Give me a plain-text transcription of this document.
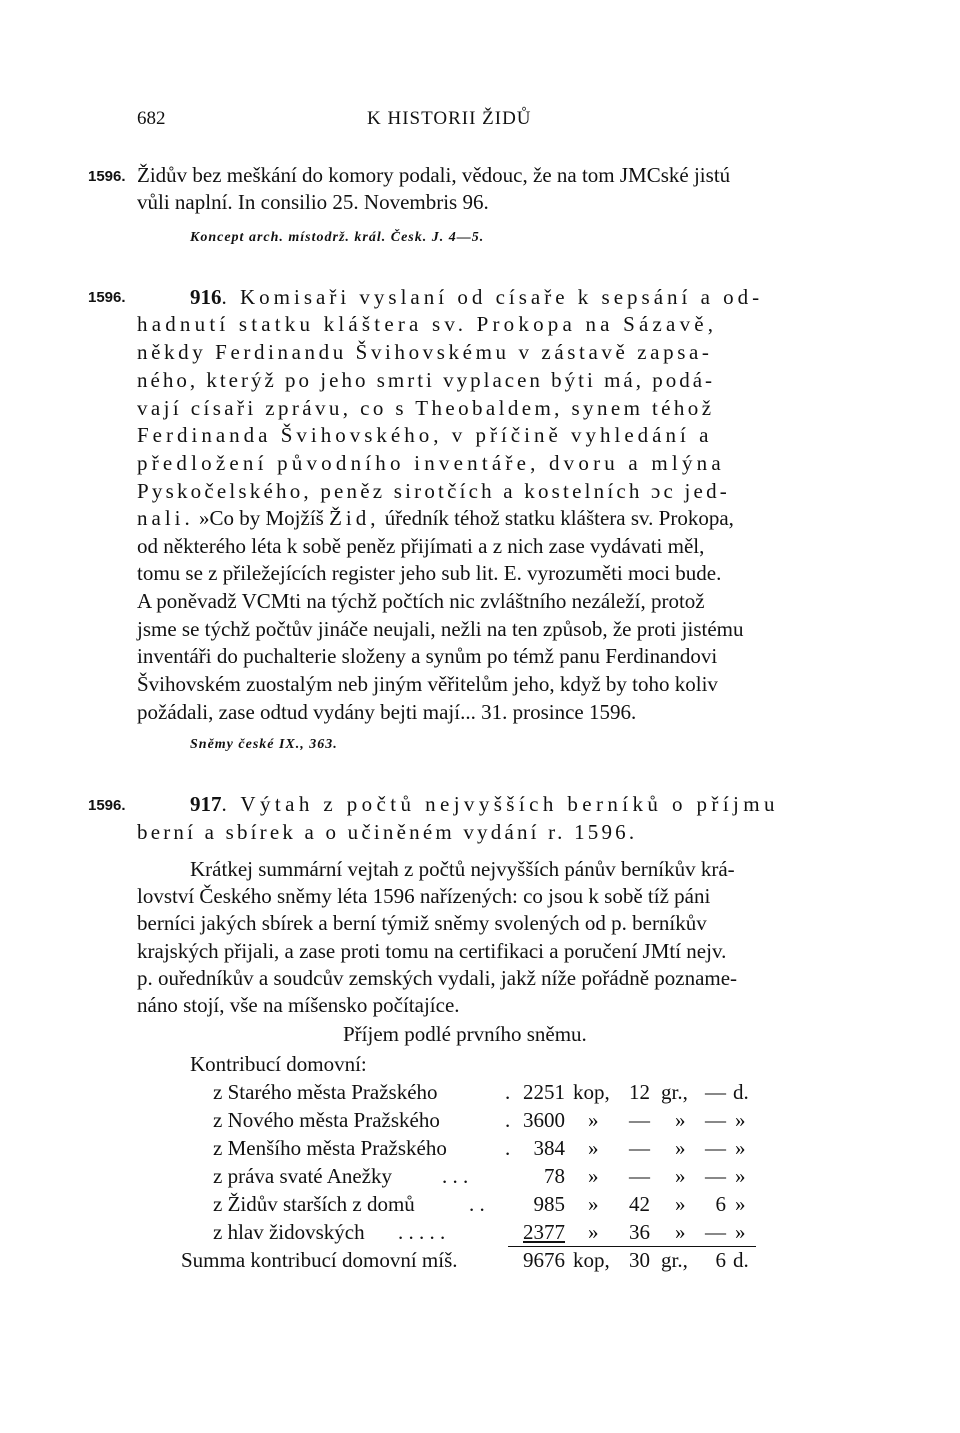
682	K HISTORII ŽIDŮ
1596. Židův bez meškání do komory podali, vědouc, že na tom JMCské jistú
vůli naplní. In consilio 25. Novembris 96.
Koncept arch. místodrž. král. Česk. J. 4—5.
1596.	916. Komisaři vyslaní od císaře k sepsání a od-
hadnutí statku kláštera sv. Prokopa na Sázavě,
někdy Ferdinandu Švihovskému v zástavě zapsa-
ného, kterýž po jeho smrti vyplacen býti má, podá-
vají císaři zprávu, co s Theobaldem, synem téhož
Ferdinanda Švihovského, v příčině vyhledání a
předložení původního inventáře, dvoru a mlýna
Pyskočelského, peněz sirotčích a kostelních ɔc jed-
nali. »Co by Mojžíš Žid, úředník téhož statku kláštera sv. Prokopa,
od některého léta k sobě peněz přijímati a z nich zase vydávati měl,
tomu se z přiležejících register jeho sub lit. E. vyrozuměti moci bude.
A poněvadž VCMti na týchž počtích nic zvláštního nezáleží, protož
jsme se týchž počtův jináče neujali, nežli na ten způsob, že proti jistému
inventáři do puchalterie složeny a synům po témž panu Ferdinandovi
Švihovském zuostalým neb jiným věřitelům jeho, když by toho koliv
požádali, zase odtud vydány bejti mají... 31. prosince 1596.
Sněmy české IX., 363.
1596.	917. Výtah z počtů nejvyšších berníků o příjmu
berní a sbírek a o učiněném vydání r. 1596.
Krátkej summární vejtah z počtů nejvyšších pánův berníkův krá-
lovství Českého sněmy léta 1596 nařízených: co jsou k sobě tíž páni
berníci jakých sbírek a berní týmiž sněmy svolených od p. berníkův
krajských přijali, a zase proti tomu na certifikaci a poručení JMtí nejv.
p. ouředníkův a soudcův zemských vydali, jakž níže pořádně poznamе-
náno stojí, vše na míšensko počítajíce.
Příjem podlé prvního sněmu.
Kontribucí domovní:
z Starého města Pražského	. 2251 kop, 12 gr., — d.
z Nového města Pražského	. 3600 »	— » — »
z Menšího města Pražského	.	384 »	— » — »
z práva svaté Anežky . . .	78 »	— » — »
z Židův starších z domů	. .	985 »	42 »	6 »
z hlav židovských . . . . .	2377 »	36 » — »
Summa kontribucí domovní míš.	9676 kop, 30 gr.,	6 d.
